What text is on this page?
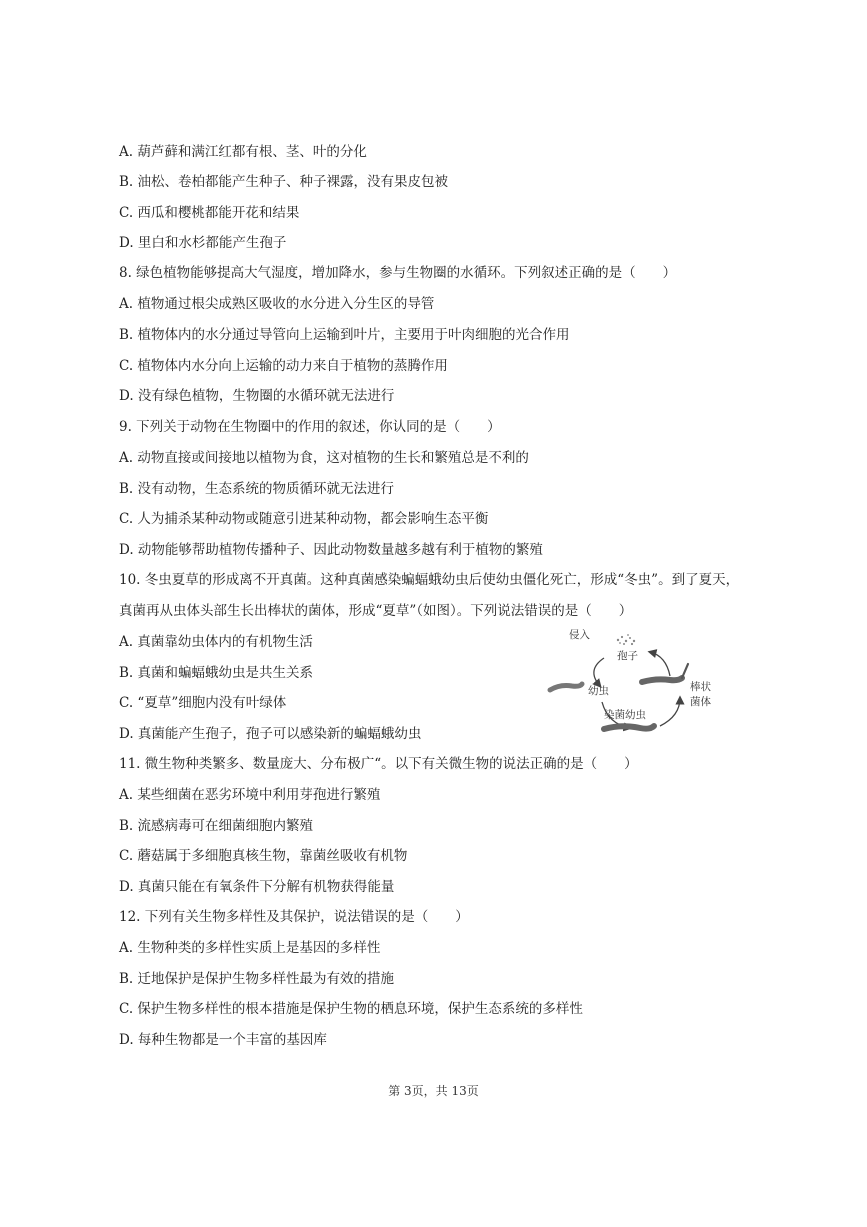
A. 葫芦藓和满江红都有根、茎、叶的分化
B. 油松、卷柏都能产生种子、种子裸露，没有果皮包被
C. 西瓜和樱桃都能开花和结果
D. 里白和水杉都能产生孢子
8. 绿色植物能够提高大气湿度，增加降水，参与生物圈的水循环。下列叙述正确的是（　　）
A. 植物通过根尖成熟区吸收的水分进入分生区的导管
B. 植物体内的水分通过导管向上运输到叶片，主要用于叶肉细胞的光合作用
C. 植物体内水分向上运输的动力来自于植物的蒸腾作用
D. 没有绿色植物，生物圈的水循环就无法进行
9. 下列关于动物在生物圈中的作用的叙述，你认同的是（　　）
A. 动物直接或间接地以植物为食，这对植物的生长和繁殖总是不利的
B. 没有动物，生态系统的物质循环就无法进行
C. 人为捕杀某种动物或随意引进某种动物，都会影响生态平衡
D. 动物能够帮助植物传播种子、因此动物数量越多越有利于植物的繁殖
10. 冬虫夏草的形成离不开真菌。这种真菌感染蝙蝠蛾幼虫后使幼虫僵化死亡，形成“冬虫”。到了夏天，
真菌再从虫体头部生长出棒状的菌体，形成“夏草”（如图）。下列说法错误的是（　　）
A. 真菌靠幼虫体内的有机物生活
B. 真菌和蝙蝠蛾幼虫是共生关系
C. “夏草”细胞内没有叶绿体
D. 真菌能产生孢子，孢子可以感染新的蝙蝠蛾幼虫
11. 微生物种类繁多、数量庞大、分布极广“。以下有关微生物的说法正确的是（　　）
A. 某些细菌在恶劣环境中利用芽孢进行繁殖
B. 流感病毒可在细菌细胞内繁殖
C. 蘑菇属于多细胞真核生物，靠菌丝吸收有机物
D. 真菌只能在有氧条件下分解有机物获得能量
12. 下列有关生物多样性及其保护，说法错误的是（　　）
A. 生物种类的多样性实质上是基因的多样性
B. 迁地保护是保护生物多样性最为有效的措施
C. 保护生物多样性的根本措施是保护生物的栖息环境，保护生态系统的多样性
D. 每种生物都是一个丰富的基因库
侵入
孢子
幼虫
染菌幼虫
棒状
菌体
第 3页，共 13页
